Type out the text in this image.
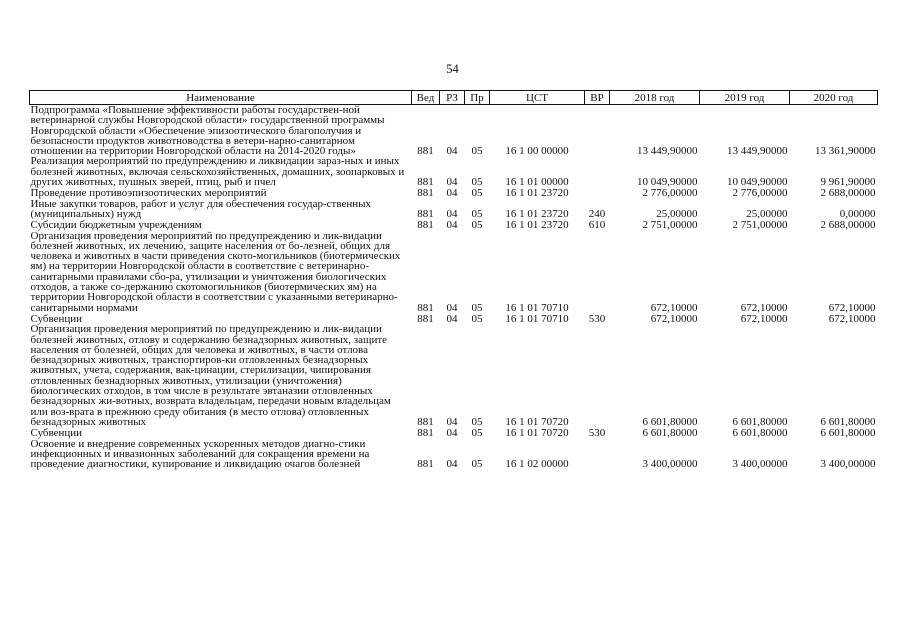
54
Наименование	Вед	РЗ	Пр	ЦСТ	ВР	2018 год	2019 год	2020 год
Подпрограмма «Повышение эффективности работы государствен-ной ветеринарной службы Новгородской области» государственной программы Новгородской области «Обеспечение эпизоотического благополучия и безопасности продуктов животноводства в ветери-нарно-санитарном отношении на территории Новгородской области на 2014-2020 годы»	881	04	05	16 1 00 00000		13 449,90000	13 449,90000	13 361,90000
Реализация мероприятий по предупреждению и ликвидации зараз-ных и иных болезней животных, включая сельскохозяйственных, домашних, зоопарковых и других животных, пушных зверей, птиц, рыб и пчел	881	04	05	16 1 01 00000		10 049,90000	10 049,90000	9 961,90000
Проведение противоэпизоотических мероприятий	881	04	05	16 1 01 23720		2 776,00000	2 776,00000	2 688,00000
Иные закупки товаров, работ и услуг для обеспечения государ-ственных (муниципальных) нужд	881	04	05	16 1 01 23720	240	25,00000	25,00000	0,00000
Субсидии бюджетным учреждениям	881	04	05	16 1 01 23720	610	2 751,00000	2 751,00000	2 688,00000
Организация проведения мероприятий по предупреждению и лик-видации болезней животных, их лечению, защите населения от бо-лезней, общих для человека и животных в части приведения ското-могильников (биотермических ям) на территории Новгородской области в соответствие с ветеринарно-санитарными правилами сбо-ра, утилизации и уничтожения биологических отходов, а также со-держанию скотомогильников (биотермических ям) на территории Новгородской области в соответствии с указанными ветеринарно-санитарными нормами	881	04	05	16 1 01 70710		672,10000	672,10000	672,10000
Субвенции	881	04	05	16 1 01 70710	530	672,10000	672,10000	672,10000
Организация проведения мероприятий по предупреждению и лик-видации болезней животных, отлову и содержанию безнадзорных животных, защите населения от болезней, общих для человека и животных, в части отлова безнадзорных животных, транспортиров-ки отловленных безнадзорных животных, учета, содержания, вак-цинации, стерилизации, чипирования отловленных безнадзорных животных, утилизации (уничтожения) биологических отходов, в том числе в результате эвтаназии отловленных безнадзорных жи-вотных, возврата владельцам, передачи новым владельцам или воз-врата в прежнюю среду обитания (в место отлова) отловленных безнадзорных животных	881	04	05	16 1 01 70720		6 601,80000	6 601,80000	6 601,80000
Субвенции	881	04	05	16 1 01 70720	530	6 601,80000	6 601,80000	6 601,80000
Освоение и внедрение современных ускоренных методов диагно-стики инфекционных и инвазионных заболеваний для сокращения времени на проведение диагностики, купирование и ликвидацию очагов болезней	881	04	05	16 1 02 00000		3 400,00000	3 400,00000	3 400,00000
